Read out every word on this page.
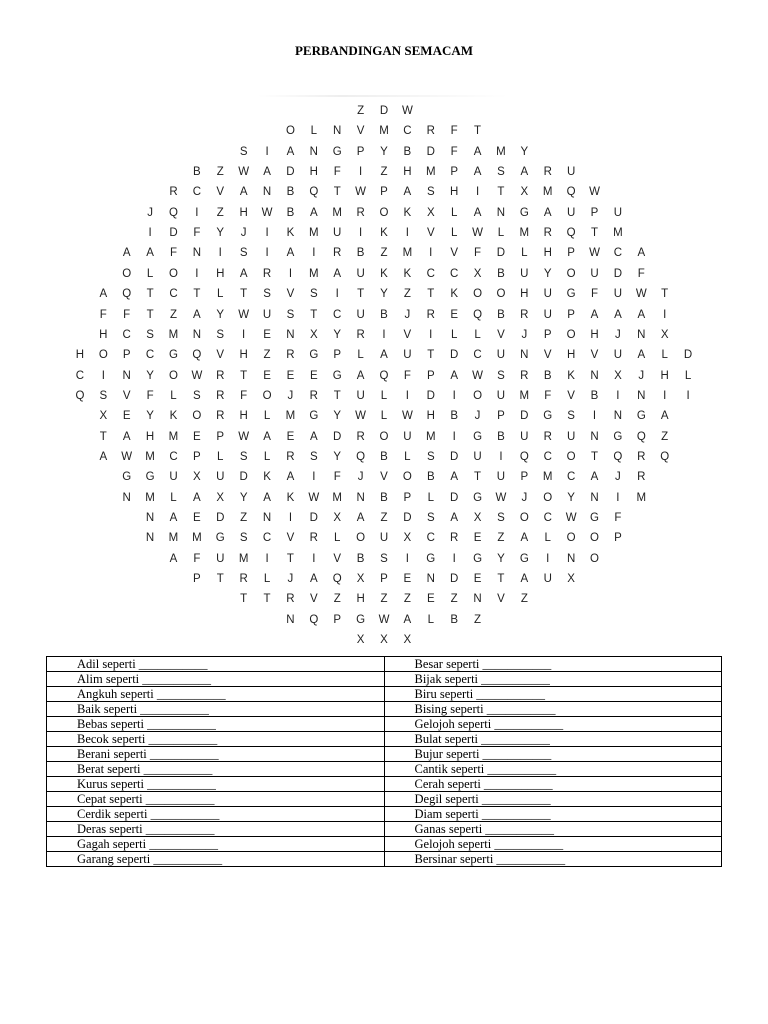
PERBANDINGAN SEMACAM
Z D W
O L N V M C R F T
S I A N G P Y B D F A M Y
B Z W A D H F I Z H M P A S A R U
R C V A N B Q T W P A S H I T X M Q W
J Q I Z H W B A M R O K X L A N G A U P U
I D F Y J I K M U I K I V L W L M R Q T M
A A F N I S I A I R B Z M I V F D L H P W C A
O L O I H A R I M A U K K C C X B U Y O U D F
A Q T C T L T S V S I T Y Z T K O O H U G F U W T
F F T Z A Y W U S T C U B J R E Q B R U P A A A I
H C S M N S I E N X Y R I V I L L V J P O H J N X
H O P C G Q V H Z R G P L A U T D C U N V H V U A L D
C I N Y O W R T E E E G A Q F P A W S R B K N X J H L
Q S V F L S R F O J R T U L I D I O U M F V B I N I I
X E Y K O R H L M G Y W L W H B J P D G S I N G A
T A H M E P W A E A D R O U M I G B U R U N G Q Z
A W M C P L S L R S Y Q B L S D U I Q C O T Q R Q
G G U X U D K A I F J V O B A T U P M C A J R
N M L A X Y A K W M N B P L D G W J O Y N I M
N A E D Z N I D X A Z D S A X S O C W G F
N M M G S C V R L O U X C R E Z A L O O P
A F U M I T I V B S I G I G Y G I N O
P T R L J A Q X P E N D E T A U X
T T R V Z H Z Z E Z N V Z
N Q P G W A L B Z
X X X
Adil seperti ___________	Besar seperti ___________
Alim seperti ___________	Bijak seperti ___________
Angkuh seperti ___________	Biru seperti ___________
Baik seperti ___________	Bising seperti ___________
Bebas seperti ___________	Gelojoh seperti ___________
Becok seperti ___________	Bulat seperti ___________
Berani seperti ___________	Bujur seperti ___________
Berat seperti ___________	Cantik seperti ___________
Kurus seperti ___________	Cerah seperti ___________
Cepat seperti ___________	Degil seperti ___________
Cerdik seperti ___________	Diam seperti ___________
Deras seperti ___________	Ganas seperti ___________
Gagah seperti ___________	Gelojoh seperti ___________
Garang seperti ___________	Bersinar seperti ___________
